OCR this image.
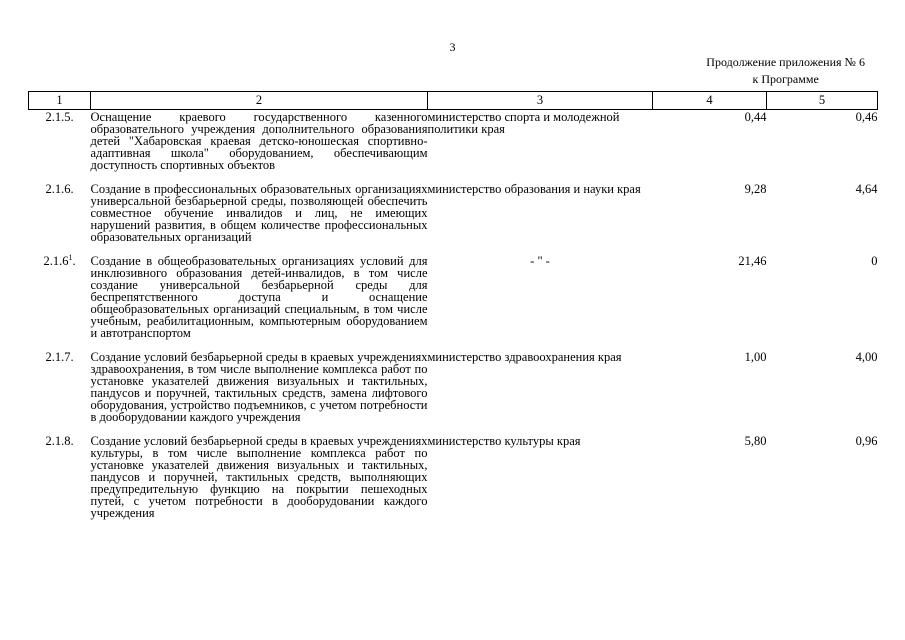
3
Продолжение приложения № 6
к Программе
1	2	3	4	5
2.1.5.	Оснащение краевого государственного казенного образовательного учреждения дополнительного образования детей "Хабаровская краевая детско-юношеская спортивно-адаптивная школа" оборудованием, обеспечивающим доступность спортивных объектов	министерство спорта и молодежной политики края	0,44	0,46

2.1.6.	Создание в профессиональных образовательных организациях универсальной безбарьерной среды, позволяющей обеспечить совместное обучение инвалидов и лиц, не имеющих нарушений развития, в общем количестве профессиональных образовательных организаций	министерство образования и науки края	9,28	4,64

2.1.6$^1$.	Создание в общеобразовательных организациях условий для инклюзивного образования детей-инвалидов, в том числе создание универсальной безбарьерной среды для беспрепятственного доступа и оснащение общеобразовательных организаций специальным, в том числе учебным, реабилитационным, компьютерным оборудованием и автотранспортом	- " -	21,46	0

2.1.7.	Создание условий безбарьерной среды в краевых учреждениях здравоохранения, в том числе выполнение комплекса работ по установке указателей движения визуальных и тактильных, пандусов и поручней, тактильных средств, замена лифтового оборудования, устройство подъемников, с учетом потребности в дооборудовании каждого учреждения	министерство здравоохранения края	1,00	4,00

2.1.8.	Создание условий безбарьерной среды в краевых учреждениях культуры, в том числе выполнение комплекса работ по установке указателей движения визуальных и тактильных, пандусов и поручней, тактильных средств, выполняющих предупредительную функцию на покрытии пешеходных путей, с учетом потребности в дооборудовании каждого учреждения	министерство культуры края	5,80	0,96
